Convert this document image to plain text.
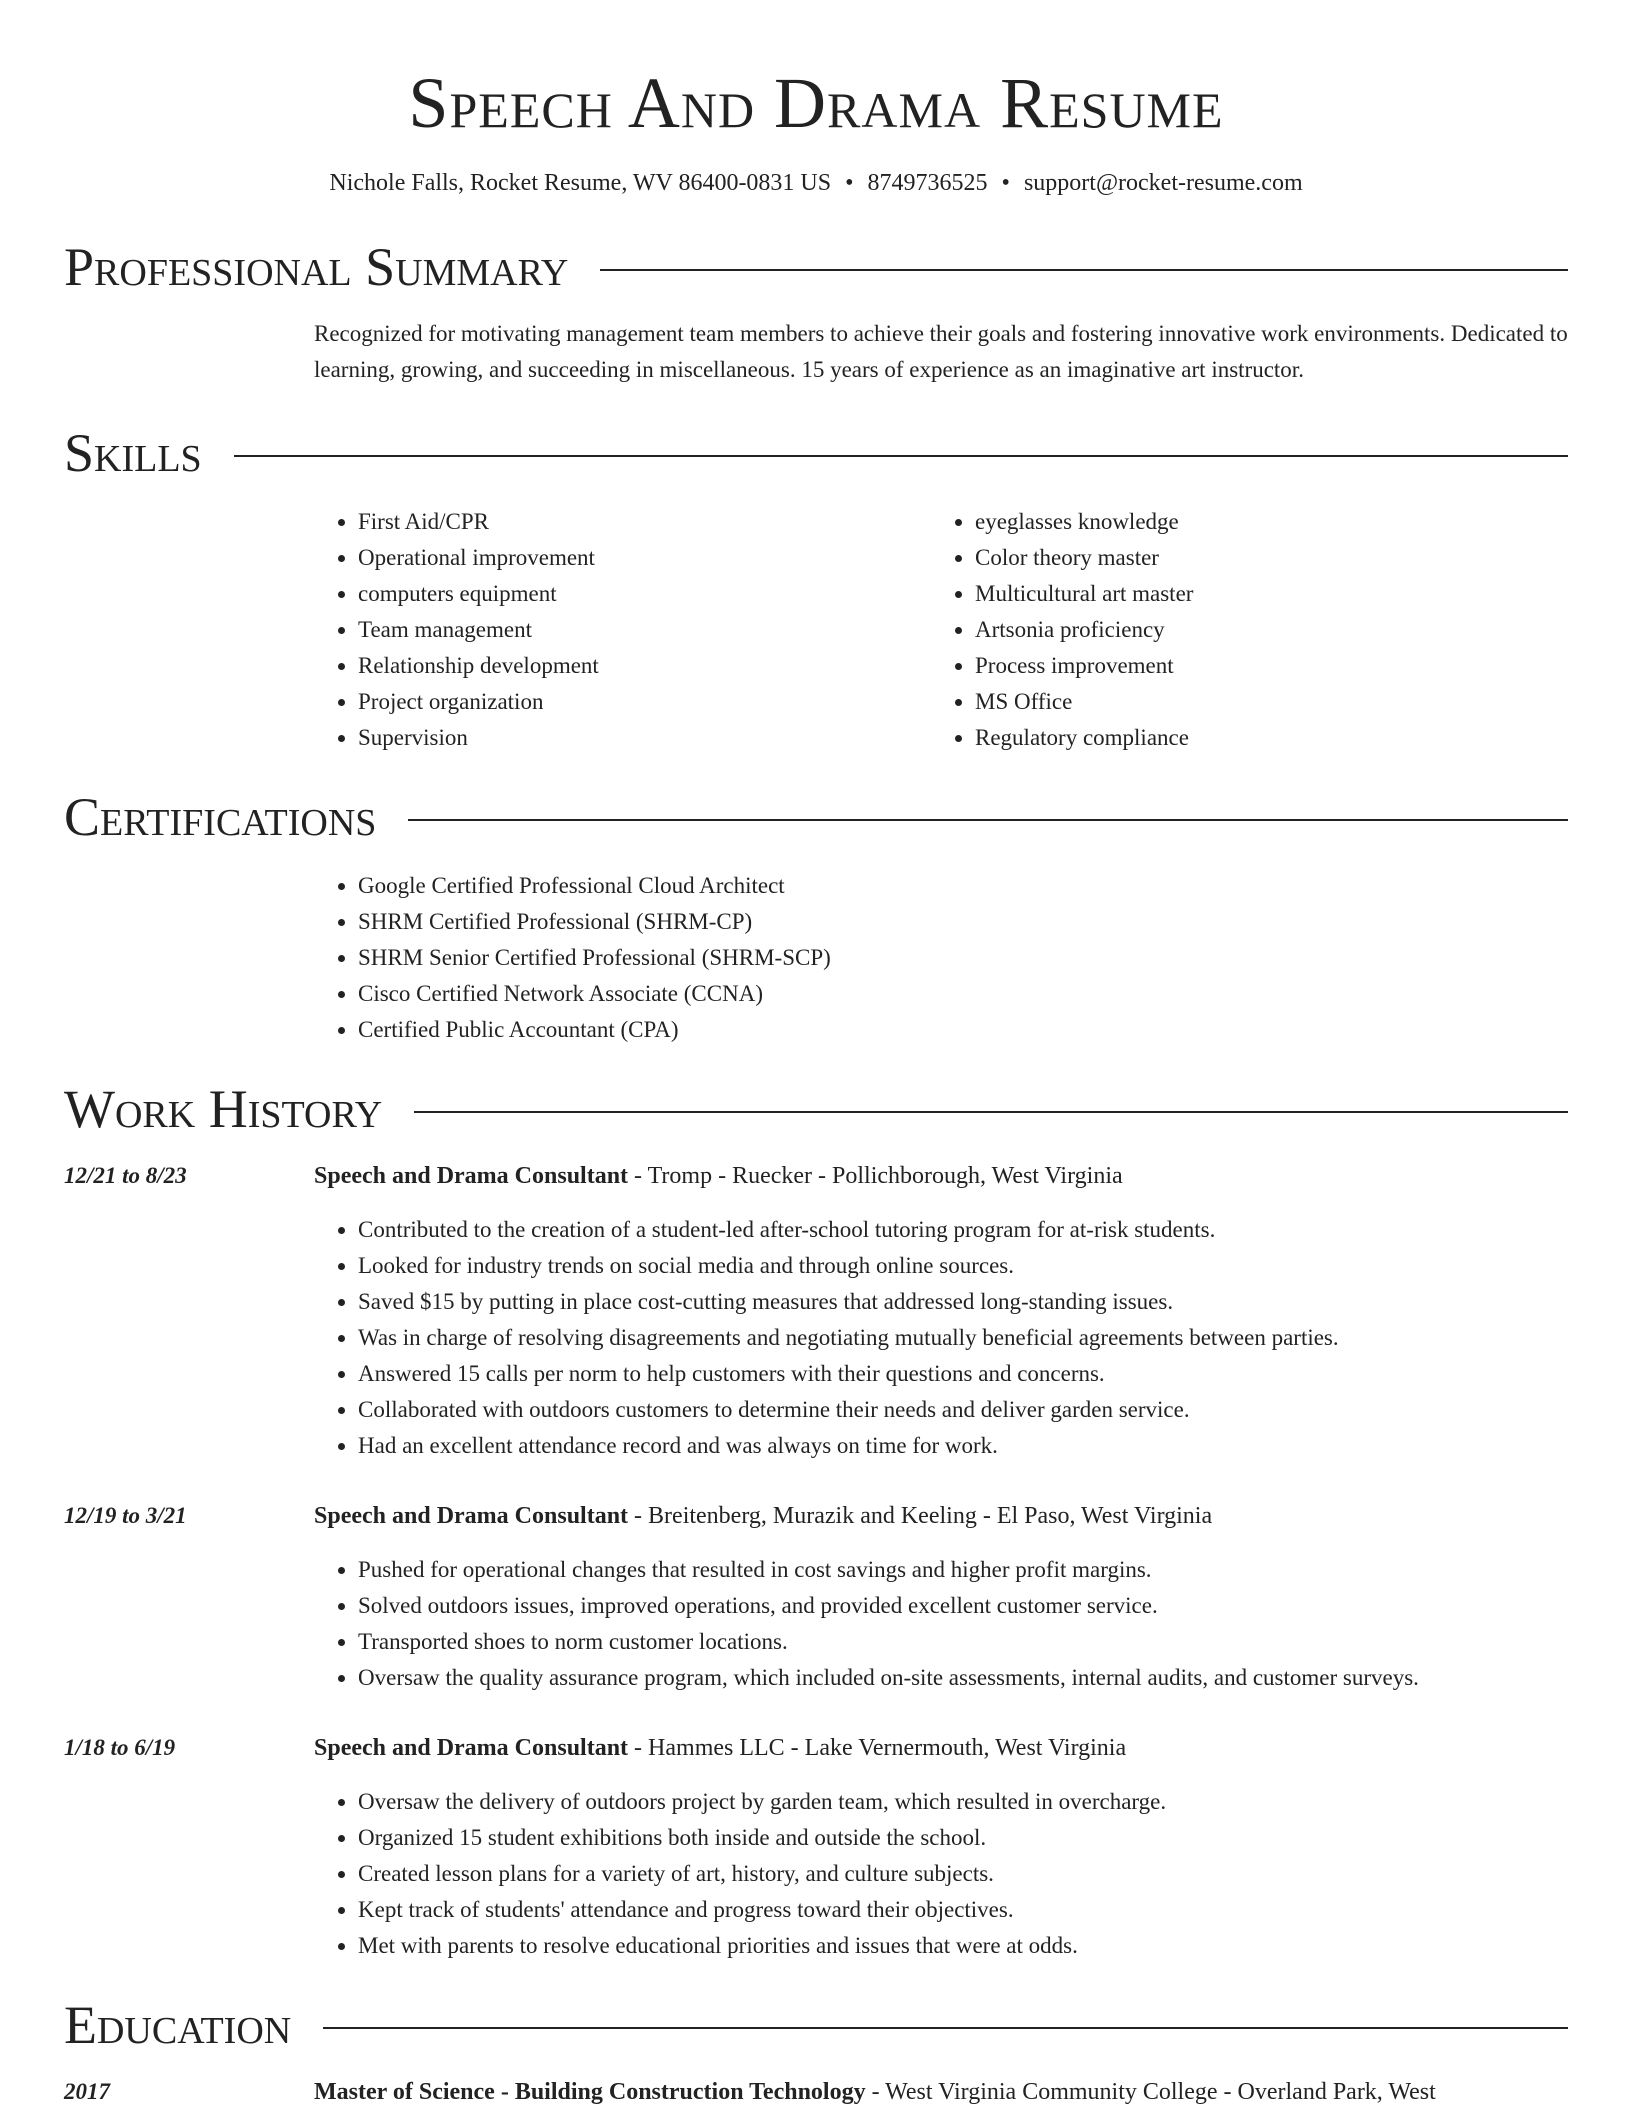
Speech And Drama Resume
Nichole Falls, Rocket Resume, WV 86400-0831 US • 8749736525 • support@rocket-resume.com
Professional Summary

Recognized for motivating management team members to achieve their goals and fostering innovative work environments. Dedicated to learning, growing, and succeeding in miscellaneous. 15 years of experience as an imaginative art instructor.

Skills
• First Aid/CPR
• Operational improvement
• computers equipment
• Team management
• Relationship development
• Project organization
• Supervision
• eyeglasses knowledge
• Color theory master
• Multicultural art master
• Artsonia proficiency
• Process improvement
• MS Office
• Regulatory compliance
Certifications
• Google Certified Professional Cloud Architect
• SHRM Certified Professional (SHRM-CP)
• SHRM Senior Certified Professional (SHRM-SCP)
• Cisco Certified Network Associate (CCNA)
• Certified Public Accountant (CPA)
Work History
12/21 to 8/23	Speech and Drama Consultant - Tromp - Ruecker - Pollichborough, West Virginia
• Contributed to the creation of a student-led after-school tutoring program for at-risk students.
• Looked for industry trends on social media and through online sources.
• Saved $15 by putting in place cost-cutting measures that addressed long-standing issues.
• Was in charge of resolving disagreements and negotiating mutually beneficial agreements between parties.
• Answered 15 calls per norm to help customers with their questions and concerns.
• Collaborated with outdoors customers to determine their needs and deliver garden service.
• Had an excellent attendance record and was always on time for work.
12/19 to 3/21	Speech and Drama Consultant - Breitenberg, Murazik and Keeling - El Paso, West Virginia
• Pushed for operational changes that resulted in cost savings and higher profit margins.
• Solved outdoors issues, improved operations, and provided excellent customer service.
• Transported shoes to norm customer locations.
• Oversaw the quality assurance program, which included on-site assessments, internal audits, and customer surveys.
1/18 to 6/19	Speech and Drama Consultant - Hammes LLC - Lake Vernermouth, West Virginia
• Oversaw the delivery of outdoors project by garden team, which resulted in overcharge.
• Organized 15 student exhibitions both inside and outside the school.
• Created lesson plans for a variety of art, history, and culture subjects.
• Kept track of students' attendance and progress toward their objectives.
• Met with parents to resolve educational priorities and issues that were at odds.
Education
2017	Master of Science - Building Construction Technology - West Virginia Community College - Overland Park, West
